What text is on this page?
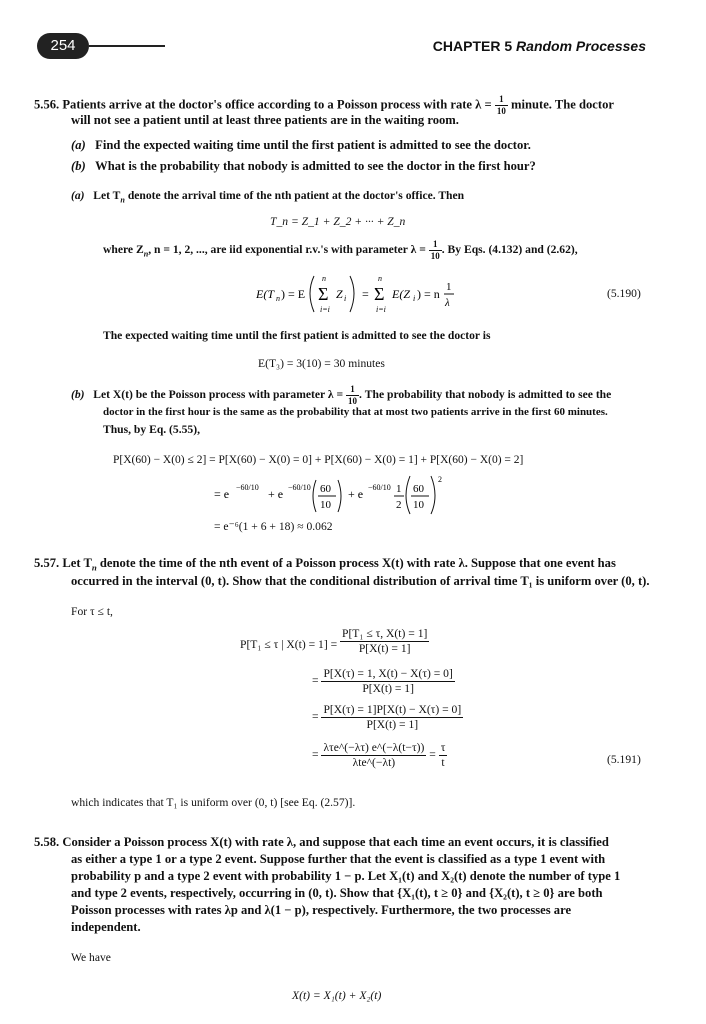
254	CHAPTER 5 Random Processes
5.56. Patients arrive at the doctor's office according to a Poisson process with rate $\lambda = \frac{1}{10}$ minute. The doctor
will not see a patient until at least three patients are in the waiting room.
(a) Find the expected waiting time until the first patient is admitted to see the doctor.
(b) What is the probability that nobody is admitted to see the doctor in the first hour?
(a) Let $T_n$ denote the arrival time of the nth patient at the doctor's office. Then
T_n = Z_1 + Z_2 + ··· + Z_n
where $Z_n$, n = 1, 2, ..., are iid exponential r.v.'s with parameter $\lambda = \frac{1}{10}$ . By Eqs. (4.132) and (2.62),
E(T n ) = E Σ
n
i=i
Z i = Σ
n
i=i
E(Z i ) = n 1
λ
(5.190)
The expected waiting time until the first patient is admitted to see the doctor is
E(T₃) = 3(10) = 30 minutes
(b) Let X(t) be the Poisson process with parameter $\lambda = \frac{1}{10}$ . The probability that nobody is admitted to see the
doctor in the first hour is the same as the probability that at most two patients arrive in the first 60 minutes.
Thus, by Eq. (5.55),
P[X(60) − X(0) ≤ 2] = P[X(60) − X(0) = 0] + P[X(60) − X(0) = 1] + P[X(60) − X(0) = 2]
= e −60/10 + e −60/10 60
10
+ e −60/10 1
2
60
10
2
= e⁻⁶(1 + 6 + 18) ≈ 0.062
5.57. Let $T_n$ denote the time of the nth event of a Poisson process X(t) with rate λ. Suppose that one event has
occurred in the interval (0, t). Show that the conditional distribution of arrival time T₁ is uniform over (0, t).
For τ ≤ t,
P[T₁ ≤ τ | $X(t) = 1] = \frac{\text{P[T₁ ≤ τ, X(t) = 1]}}{P[X(t) = 1]}$
= $\frac{P[X(\tau) = 1, X(t) - X(\tau) = 0]}{P[X(t) = 1]}$
= $\frac{P[X(\tau) = 1]P[X(t) - X(\tau) = 0]}{P[X(t) = 1]}$
= $\frac{\text{λτe\textasciicircum{}(−λτ) e\textasciicircum{}(−λ(t−τ))}}{\text{λte\textasciicircum{}(−λt)}} = \frac{\tau}{t}$	(5.191)
which indicates that T₁ is uniform over (0, t) [see Eq. (2.57)].
5.58. Consider a Poisson process X(t) with rate λ, and suppose that each time an event occurs, it is classified
as either a type 1 or a type 2 event. Suppose further that the event is classified as a type 1 event with
probability p and a type 2 event with probability 1 − p. Let X₁(t) and X₂(t) denote the number of type 1
and type 2 events, respectively, occurring in (0, t). Show that {X₁(t), t ≥ 0} and {X₂(t), t ≥ 0} are both
Poisson processes with rates λp and λ(1 − p), respectively. Furthermore, the two processes are
independent.
We have
X(t) = X₁(t) + X₂(t)
